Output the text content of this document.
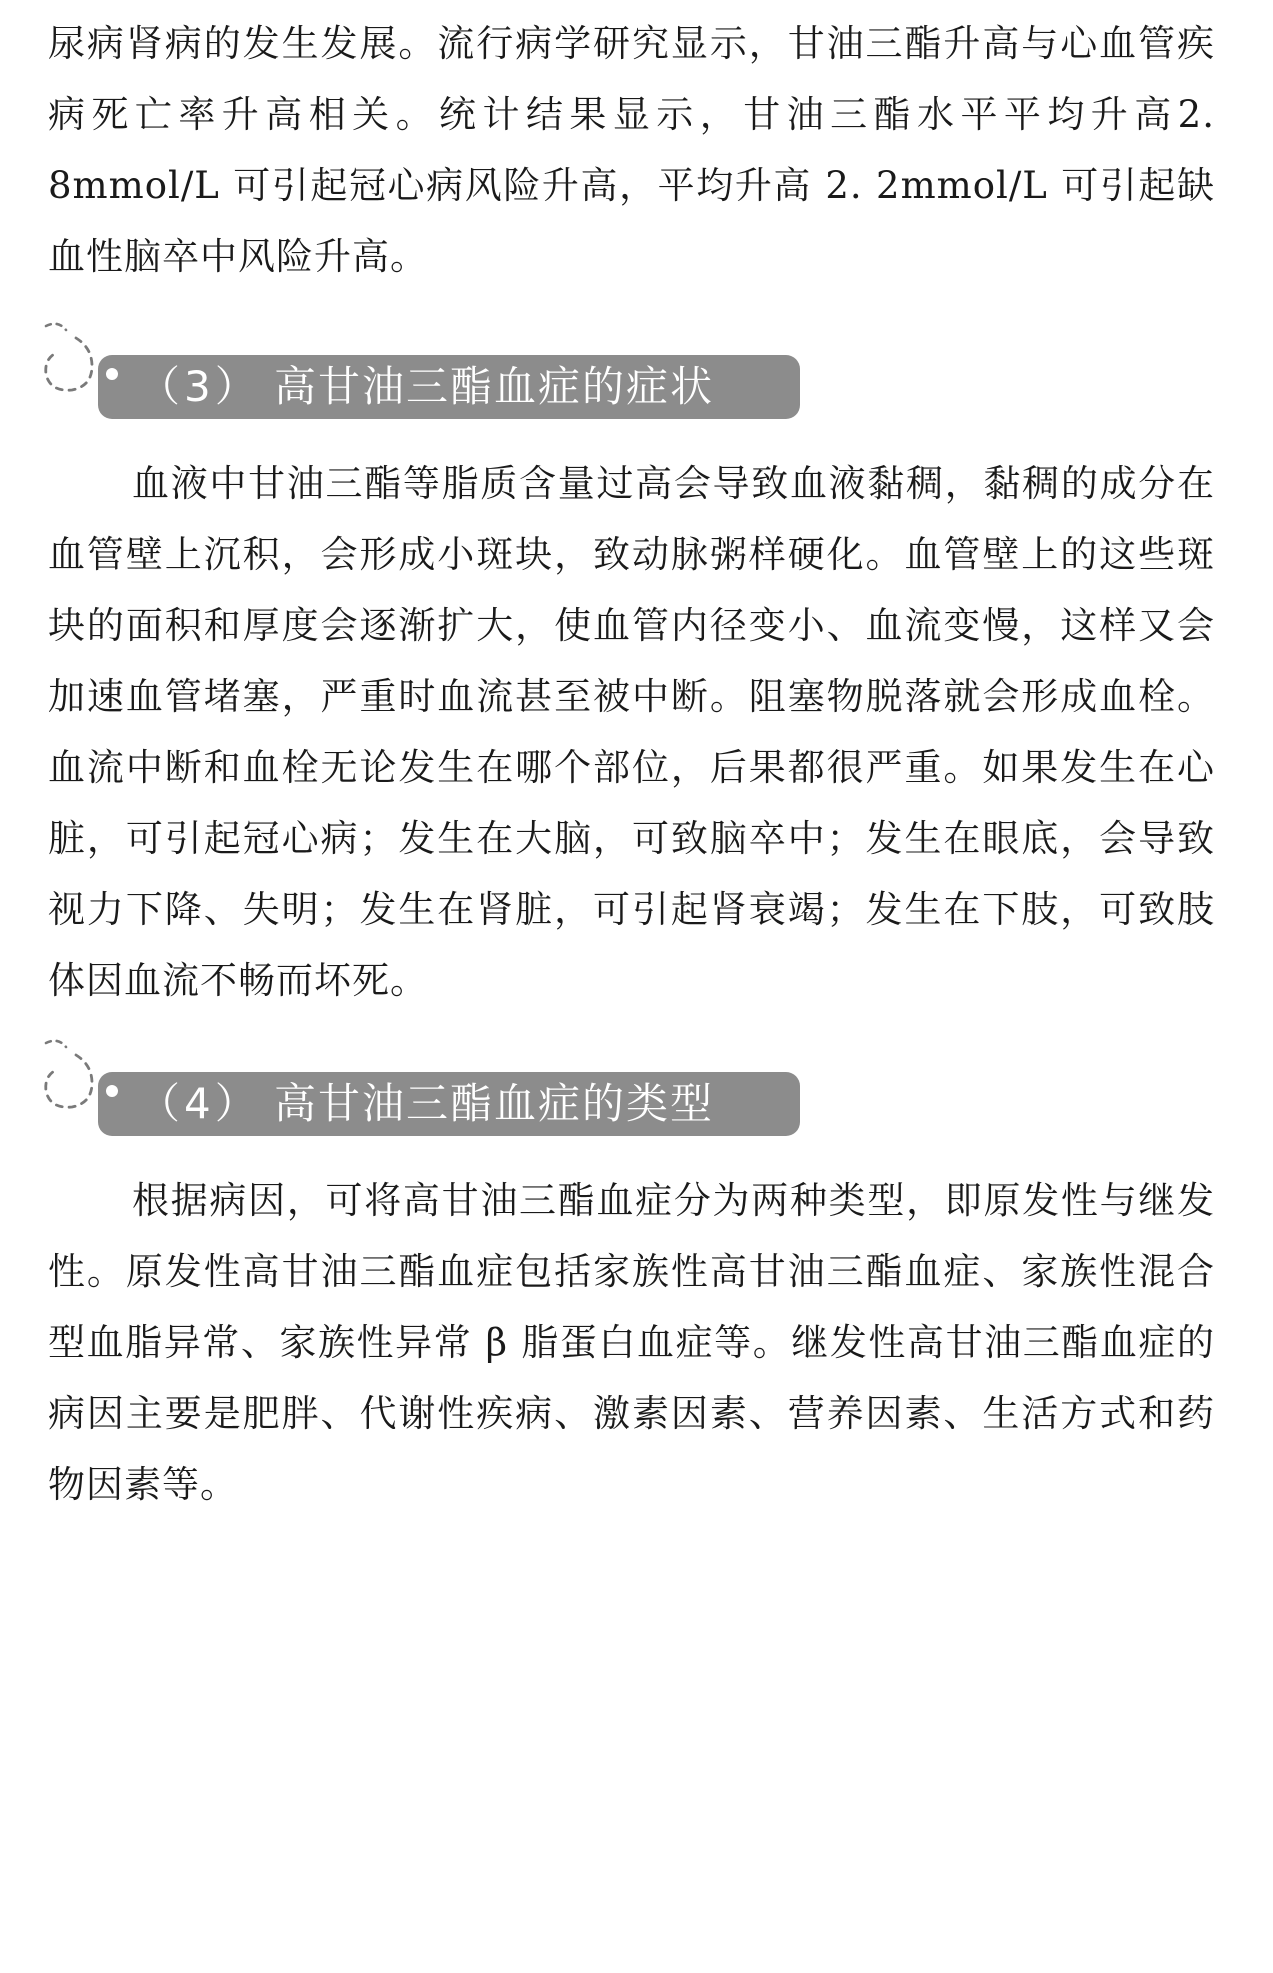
尿病肾病的发生发展。流行病学研究显示，甘油三酯升高与心血管疾病死亡率升高相关。统计结果显示，甘油三酯水平平均升高2. 8mmol/L 可引起冠心病风险升高，平均升高 2. 2mmol/L 可引起缺血性脑卒中风险升高。

（3） 高甘油三酯血症的症状

血液中甘油三酯等脂质含量过高会导致血液黏稠，黏稠的成分在血管壁上沉积，会形成小斑块，致动脉粥样硬化。血管壁上的这些斑块的面积和厚度会逐渐扩大，使血管内径变小、血流变慢，这样又会加速血管堵塞，严重时血流甚至被中断。阻塞物脱落就会形成血栓。血流中断和血栓无论发生在哪个部位，后果都很严重。如果发生在心脏，可引起冠心病；发生在大脑，可致脑卒中；发生在眼底，会导致视力下降、失明；发生在肾脏，可引起肾衰竭；发生在下肢，可致肢体因血流不畅而坏死。

（4） 高甘油三酯血症的类型

根据病因，可将高甘油三酯血症分为两种类型，即原发性与继发性。原发性高甘油三酯血症包括家族性高甘油三酯血症、家族性混合型血脂异常、家族性异常 β 脂蛋白血症等。继发性高甘油三酯血症的病因主要是肥胖、代谢性疾病、激素因素、营养因素、生活方式和药物因素等。
